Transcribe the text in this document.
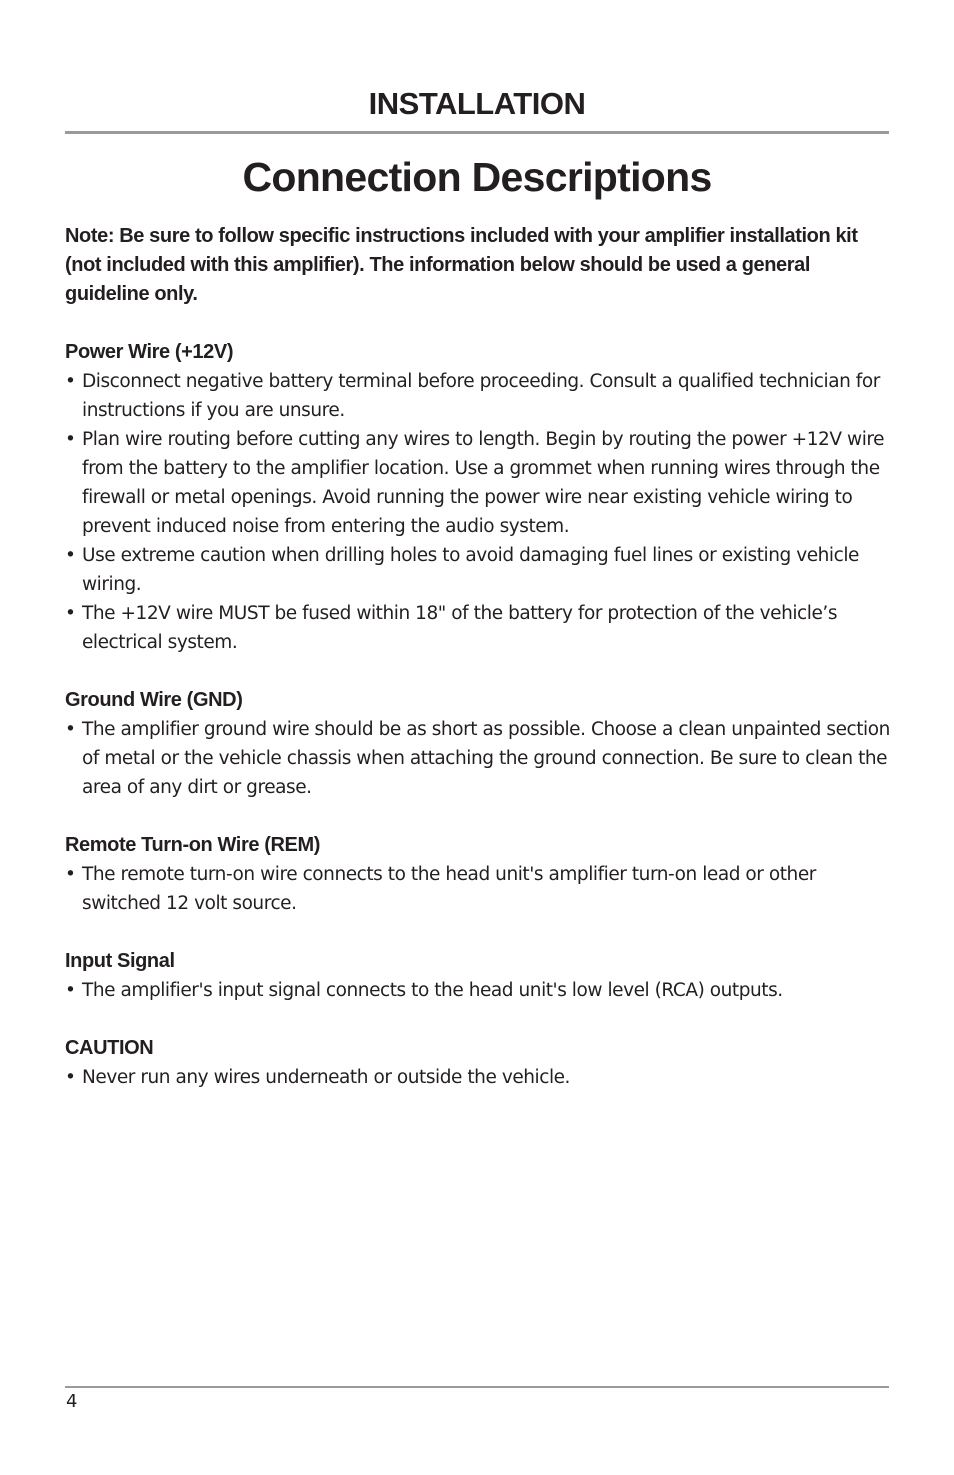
INSTALLATION
Connection Descriptions

Note: Be sure to follow specific instructions included with your amplifier installation kit (not included with this amplifier). The information below should be used a general guideline only.

Power Wire (+12V)
• Disconnect negative battery terminal before proceeding. Consult a qualified technician for instructions if you are unsure.
• Plan wire routing before cutting any wires to length. Begin by routing the power +12V wire from the battery to the amplifier location. Use a grommet when running wires through the firewall or metal openings. Avoid running the power wire near existing vehicle wiring to prevent induced noise from entering the audio system.
• Use extreme caution when drilling holes to avoid damaging fuel lines or existing vehicle wiring.
• The +12V wire MUST be fused within 18" of the battery for protection of the vehicle’s electrical system.
Ground Wire (GND)
• The amplifier ground wire should be as short as possible. Choose a clean unpainted section of metal or the vehicle chassis when attaching the ground connection. Be sure to clean the area of any dirt or grease.
Remote Turn-on Wire (REM)
• The remote turn-on wire connects to the head unit's amplifier turn-on lead or other switched 12 volt source.
Input Signal
• The amplifier's input signal connects to the head unit's low level (RCA) outputs.
CAUTION
• Never run any wires underneath or outside the vehicle.
4
